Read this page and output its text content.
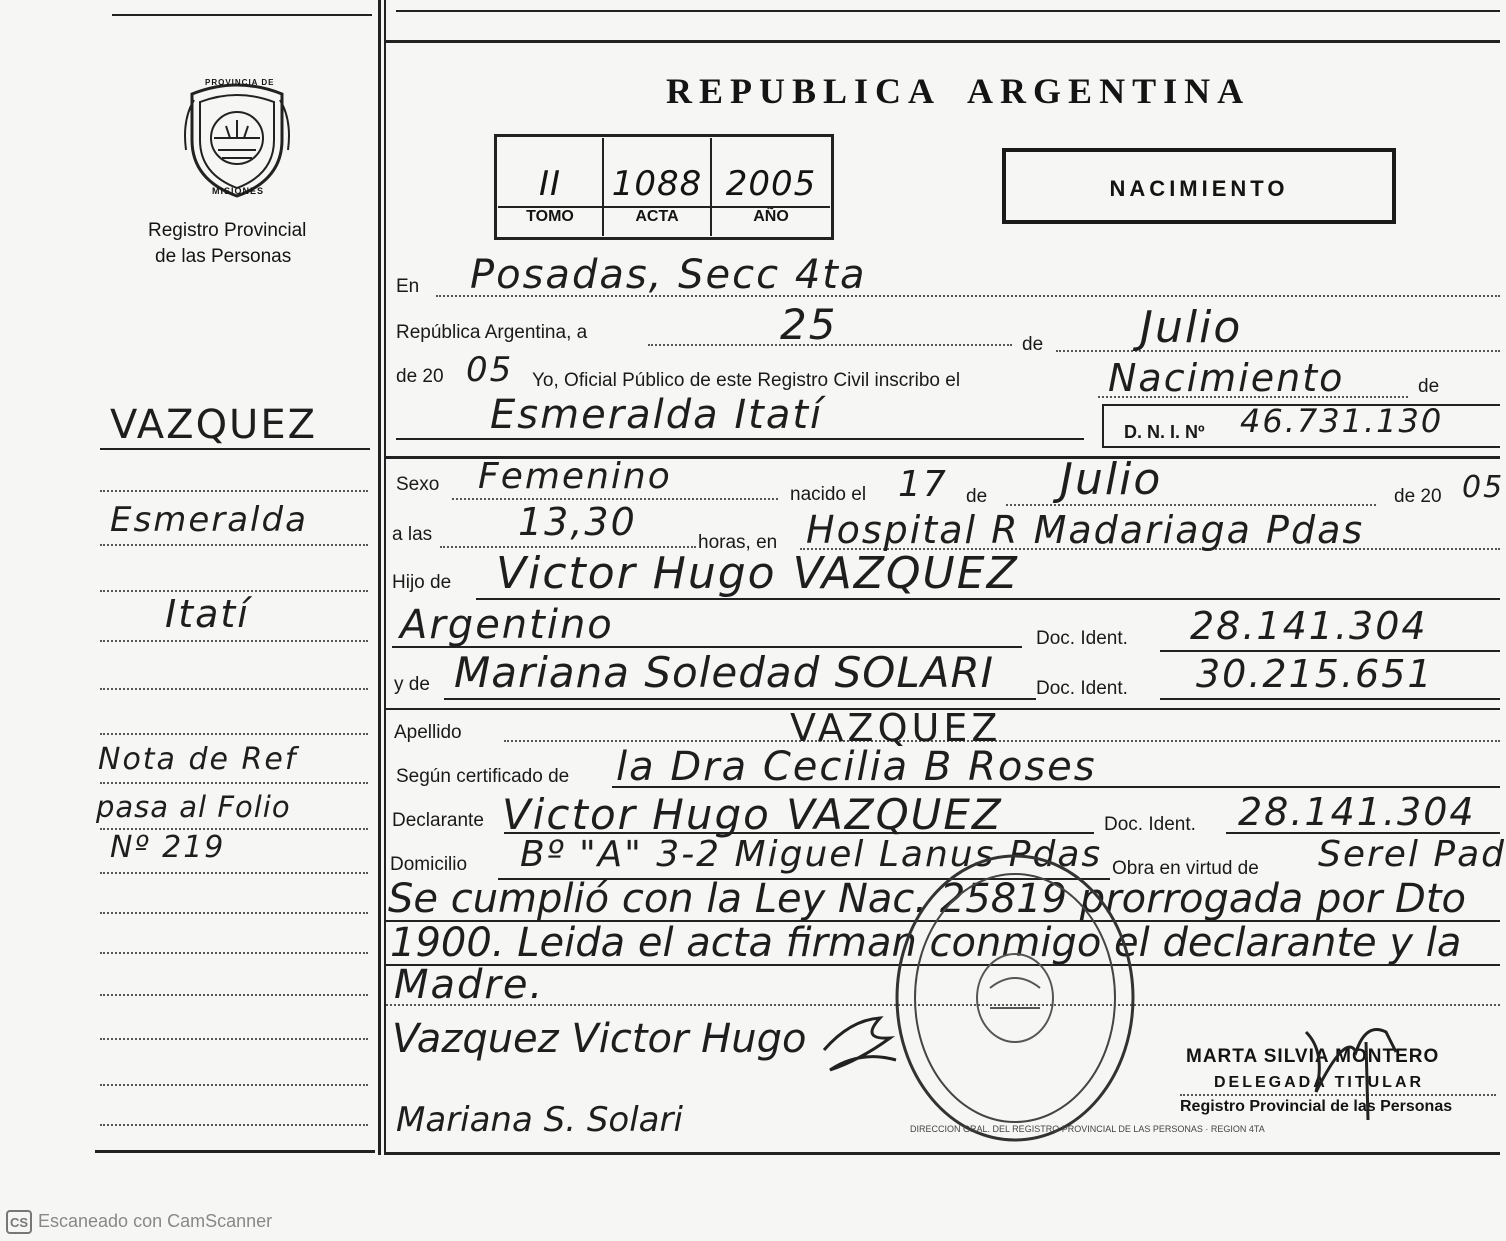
PROVINCIA DE
MISIONES
Registro Provincial
de las Personas
VAZQUEZ
Esmeralda
Itatí
Nota de Ref
pasa al Folio
Nº 219
REPUBLICA ARGENTINA
II
TOMO
1088
ACTA
2005
AÑO
NACIMIENTO
En Posadas, Secc 4ta
República Argentina, a	25	de Julio
de 20 05 Yo, Oficial Público de este Registro Civil inscribo el	Nacimiento	de
Esmeralda Itatí	D. N. I. Nº 46.731.130
Sexo Femenino	nacido el 17 de Julio	de 20 05
a las 13,30	horas, en Hospital R Madariaga Pdas
Hijo de Victor Hugo VAZQUEZ
Argentino	Doc. Ident. 28.141.304
y de Mariana Soledad SOLARI Doc. Ident. 30.215.651
Apellido	VAZQUEZ
Según certificado de la Dra Cecilia B Roses
Declarante Victor Hugo VAZQUEZ	Doc. Ident. 28.141.304
Domicilio Bº "A" 3-2 Miguel Lanus Pdas Obra en virtud de Serel Pad
Se cumplió con la Ley Nac. 25819 prorrogada por Dto
1900. Leida el acta firman conmigo el declarante y la
Madre.
DIRECCION GRAL. DEL REGISTRO PROVINCIAL DE LAS PERSONAS · REGION 4TA
Vazquez Victor Hugo
Mariana S. Solari
MARTA SILVIA MONTERO
DELEGADA TITULAR
Registro Provincial de las Personas
CS Escaneado con CamScanner
